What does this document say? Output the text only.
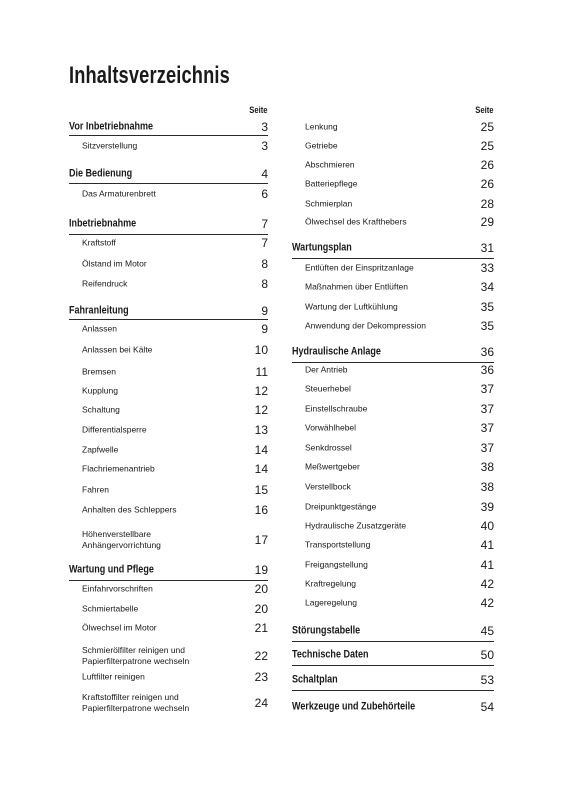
Inhaltsverzeichnis
Seite
Vor Inbetriebnahme	3
Sitzverstellung	3
Die Bedienung	4
Das Armaturenbrett	6
Inbetriebnahme	7
Kraftstoff	7
Ölstand im Motor	8
Reifendruck	8
Fahranleitung	9
Anlassen	9
Anlassen bei Kälte	10
Bremsen	11
Kupplung	12
Schaltung	12
Differentialsperre	13
Zapfwelle	14
Flachriemenantrieb	14
Fahren	15
Anhalten des Schleppers	16
Höhenverstellbare
Anhängervorrichtung	17
Wartung und Pflege	19
Einfahrvorschriften	20
Schmiertabelle	20
Ölwechsel im Motor	21
Schmierölfilter reinigen und
Papierfilterpatrone wechseln	22
Luftfilter reinigen	23
Kraftstoffilter reinigen und
Papierfilterpatrone wechseln	24
Seite
Lenkung	25
Getriebe	25
Abschmieren	26
Batteriepflege	26
Schmierplan	28
Ölwechsel des Krafthebers	29
Wartungsplan	31
Entlüften der Einspritzanlage	33
Maßnahmen über Entlüften	34
Wartung der Luftkühlung	35
Anwendung der Dekompression	35
Hydraulische Anlage	36
Der Antrieb	36
Steuerhebel	37
Einstellschraube	37
Vorwählhebel	37
Senkdrossel	37
Meßwertgeber	38
Verstellbock	38
Dreipunktgestänge	39
Hydraulische Zusatzgeräte	40
Transportstellung	41
Freigangstellung	41
Kraftregelung	42
Lageregelung	42
Störungstabelle	45
Technische Daten	50
Schaltplan	53
Werkzeuge und Zubehörteile	54
